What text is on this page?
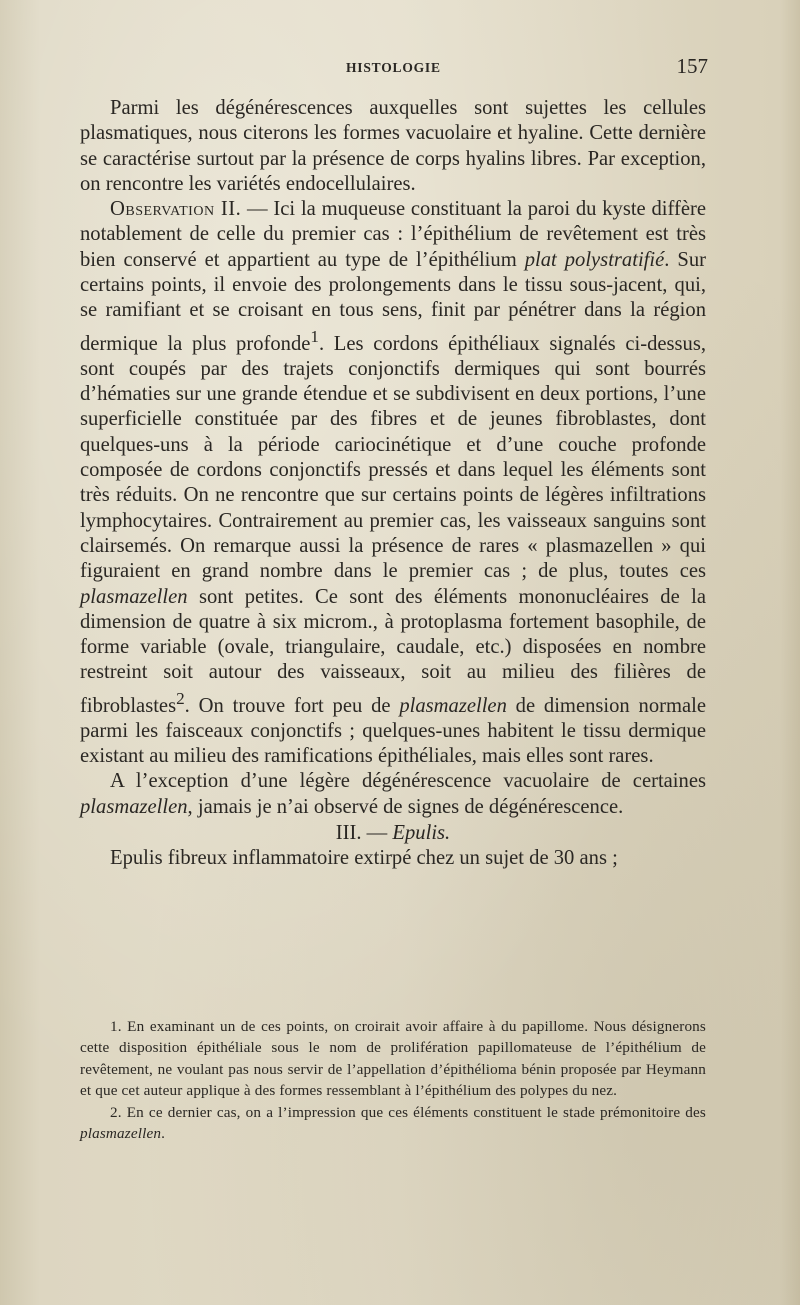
HISTOLOGIE	157

Parmi les dégénérescences auxquelles sont sujettes les cellules plasmatiques, nous citerons les formes vacuolaire et hyaline. Cette dernière se caractérise surtout par la présence de corps hyalins libres. Par exception, on rencontre les variétés endocellulaires.

Observation II. — Ici la muqueuse constituant la paroi du kyste diffère notablement de celle du premier cas : l’épithélium de revêtement est très bien conservé et appartient au type de l’épithélium plat polystratifié. Sur certains points, il envoie des prolongements dans le tissu sous-jacent, qui, se ramifiant et se croisant en tous sens, finit par pénétrer dans la région dermique la plus profonde$^1$. Les cordons épithéliaux signalés ci-dessus, sont coupés par des trajets conjonctifs dermiques qui sont bourrés d’hématies sur une grande étendue et se subdivisent en deux portions, l’une superficielle constituée par des fibres et de jeunes fibroblastes, dont quelques-uns à la période cariocinétique et d’une couche profonde composée de cordons conjonctifs pressés et dans lequel les éléments sont très réduits. On ne rencontre que sur certains points de légères infiltrations lymphocytaires. Contrairement au premier cas, les vaisseaux sanguins sont clairsemés. On remarque aussi la présence de rares « plasmazellen » qui figuraient en grand nombre dans le premier cas ; de plus, toutes ces plasmazellen sont petites. Ce sont des éléments mononucléaires de la dimension de quatre à six microm., à protoplasma fortement basophile, de forme variable (ovale, triangulaire, caudale, etc.) disposées en nombre restreint soit autour des vaisseaux, soit au milieu des filières de fibroblastes$^2$. On trouve fort peu de plasmazellen de dimension normale parmi les faisceaux conjonctifs ; quelques-unes habitent le tissu dermique existant au milieu des ramifications épithéliales, mais elles sont rares.

A l’exception d’une légère dégénérescence vacuolaire de certaines plasmazellen, jamais je n’ai observé de signes de dégénérescence.

III. — Epulis.

Epulis fibreux inflammatoire extirpé chez un sujet de 30 ans ;

1. En examinant un de ces points, on croirait avoir affaire à du papillome. Nous désignerons cette disposition épithéliale sous le nom de prolifération papillomateuse de l’épithélium de revêtement, ne voulant pas nous servir de l’appellation d’épithélioma bénin proposée par Heymann et que cet auteur applique à des formes ressemblant à l’épithélium des polypes du nez.

2. En ce dernier cas, on a l’impression que ces éléments constituent le stade prémonitoire des plasmazellen.
